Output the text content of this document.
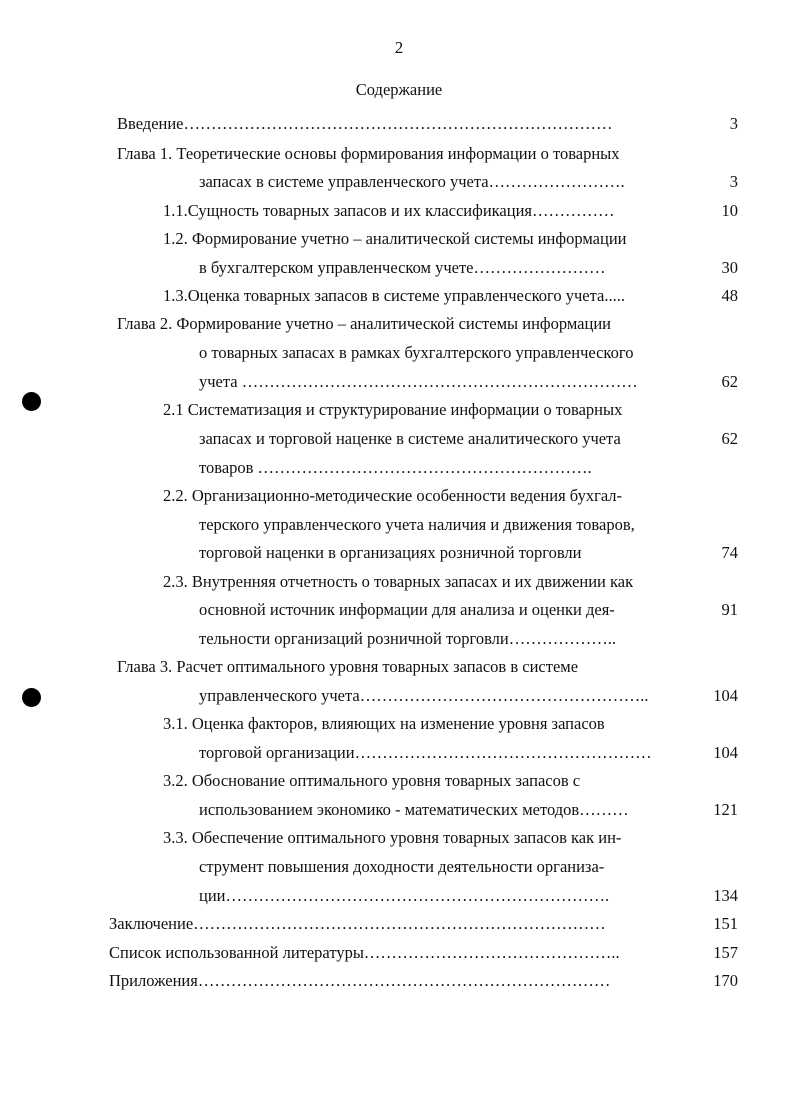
2
Содержание
Введение……………………………………………………………………	3
Глава 1. Теоретические основы формирования информации о товарных
запасах в системе управленческого учета…………………….	3
1.1.Сущность товарных запасов и их классификация……………	10
1.2. Формирование учетно – аналитической системы информации
в бухгалтерском управленческом учете……………………	30
1.3.Оценка товарных запасов в системе управленческого учета.....	48
Глава 2. Формирование учетно – аналитической системы информации
о товарных запасах в рамках бухгалтерского управленческого
учета ………………………………………………………………	62
2.1 Систематизация и структурирование информации о товарных
запасах и торговой наценке в системе аналитического учета	62
товаров …………………………………………………….
2.2. Организационно-методические особенности ведения бухгал-
терского управленческого учета наличия и движения товаров,
торговой наценки в организациях розничной торговли	74
2.3. Внутренняя отчетность о товарных запасах и их движении как
основной источник информации для анализа и оценки дея-	91
тельности организаций розничной торговли………………..
Глава 3. Расчет оптимального уровня товарных запасов в системе
управленческого учета……………………………………………..	104
3.1. Оценка факторов, влияющих на изменение уровня запасов
торговой организации………………………………………………	104
3.2. Обоснование оптимального уровня товарных запасов с
использованием экономико - математических методов………	121
3.3. Обеспечение оптимального уровня товарных запасов как ин-
струмент повышения доходности деятельности организа-
ции…………………………………………………………….	134
Заключение…………………………………………………………………	151
Список использованной литературы………………………………………..	157
Приложения…………………………………………………………………	170
